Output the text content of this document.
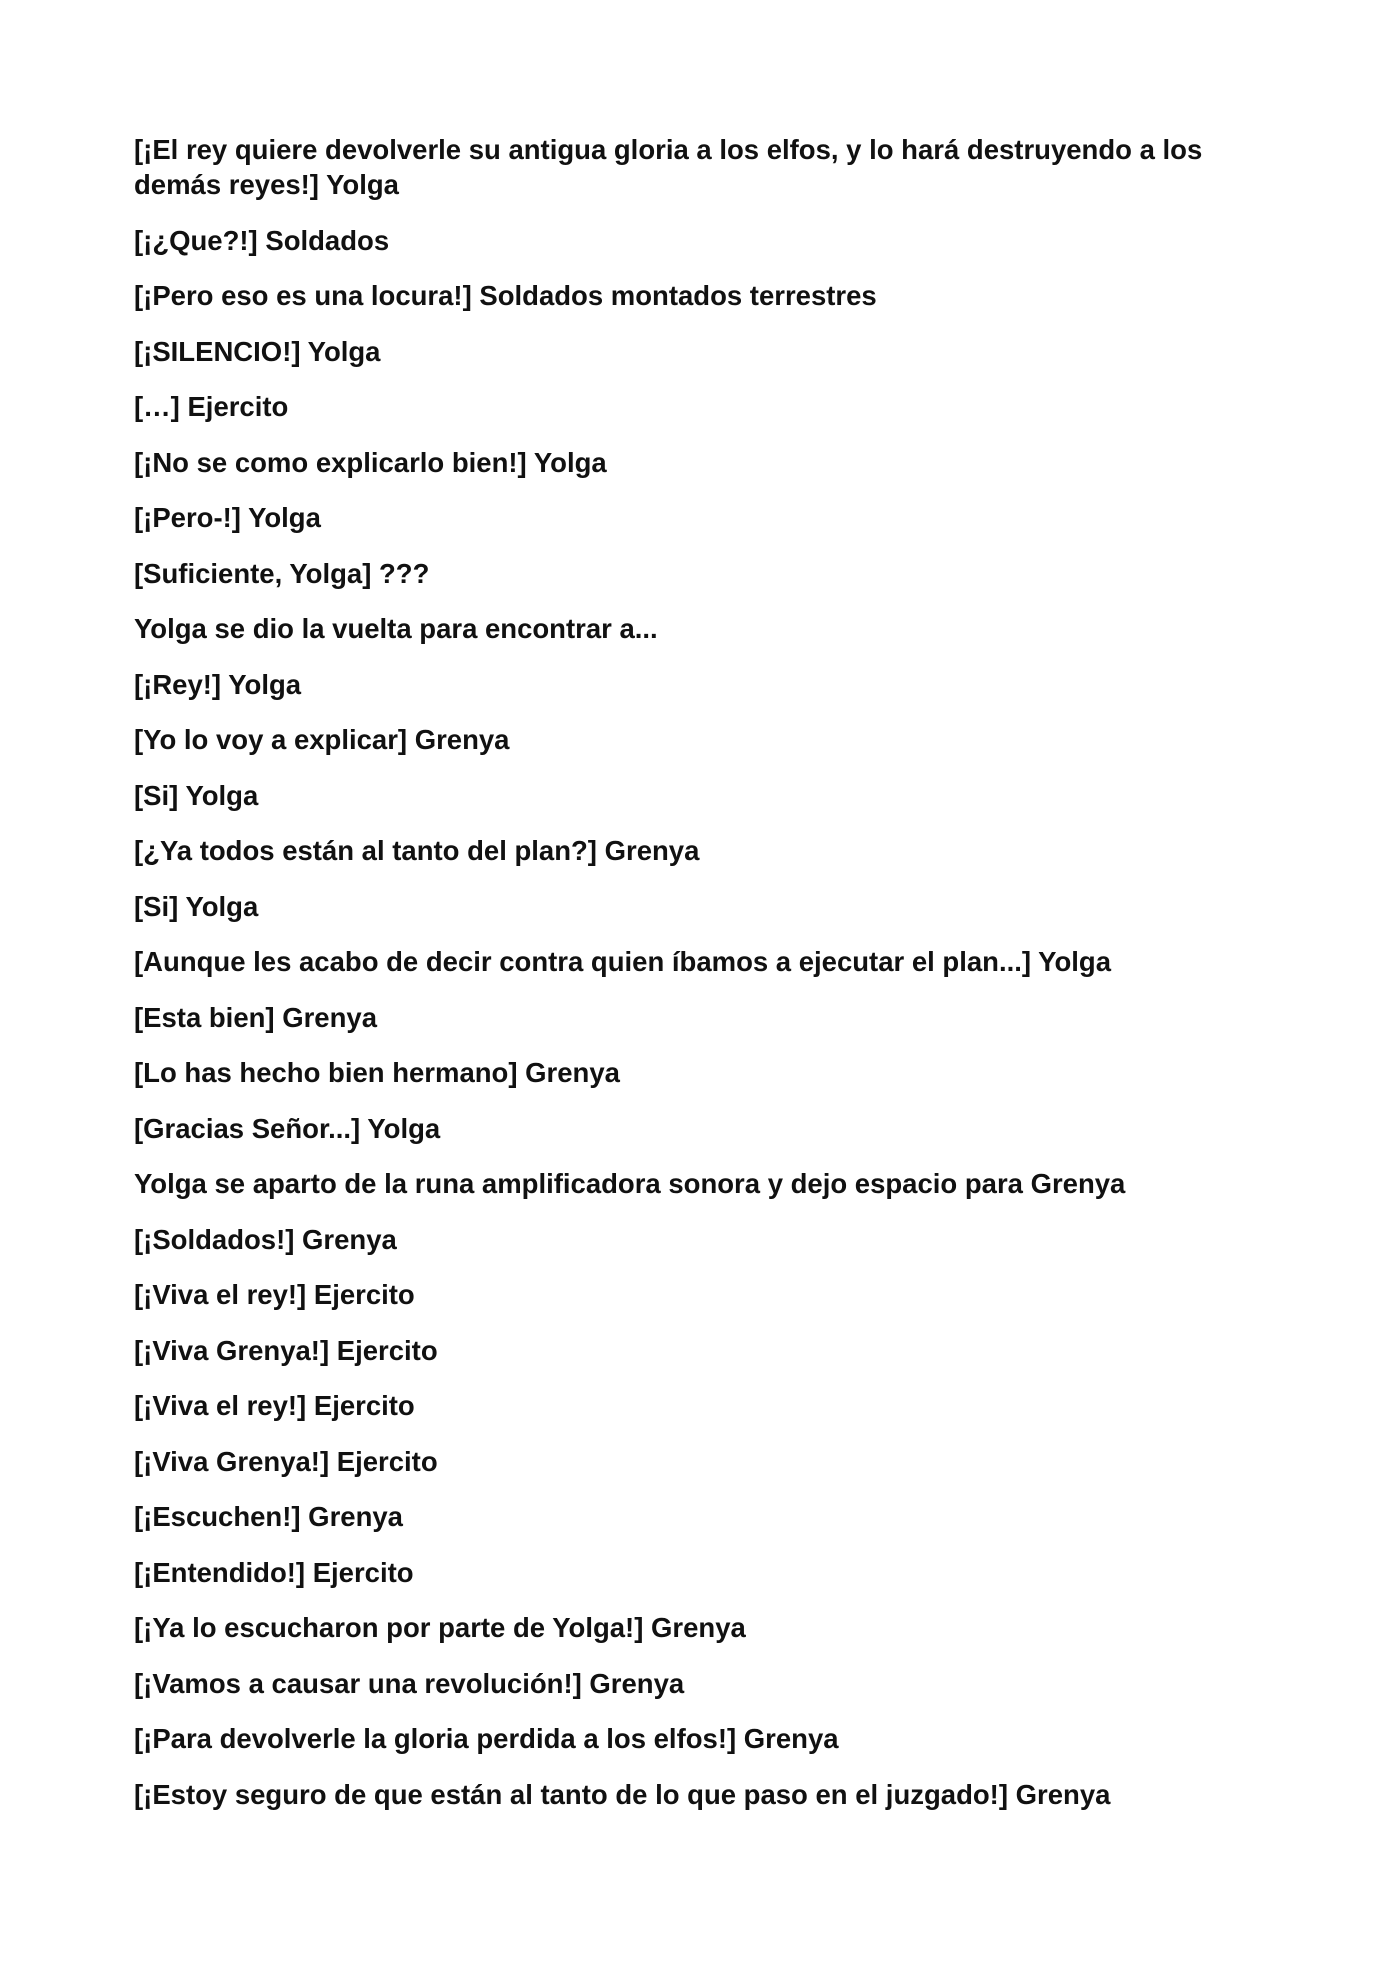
[¡El rey quiere devolverle su antigua gloria a los elfos, y lo hará destruyendo a los demás reyes!] Yolga

[¡¿Que?!] Soldados

[¡Pero eso es una locura!] Soldados montados terrestres

[¡SILENCIO!] Yolga

[…] Ejercito

[¡No se como explicarlo bien!] Yolga

[¡Pero-!] Yolga

[Suficiente, Yolga] ???

Yolga se dio la vuelta para encontrar a...

[¡Rey!] Yolga

[Yo lo voy a explicar] Grenya

[Si] Yolga

[¿Ya todos están al tanto del plan?] Grenya

[Si] Yolga

[Aunque les acabo de decir contra quien íbamos a ejecutar el plan...] Yolga

[Esta bien] Grenya

[Lo has hecho bien hermano] Grenya

[Gracias Señor...] Yolga

Yolga se aparto de la runa amplificadora sonora y dejo espacio para Grenya

[¡Soldados!] Grenya

[¡Viva el rey!] Ejercito

[¡Viva Grenya!] Ejercito

[¡Viva el rey!] Ejercito

[¡Viva Grenya!] Ejercito

[¡Escuchen!] Grenya

[¡Entendido!] Ejercito

[¡Ya lo escucharon por parte de Yolga!] Grenya

[¡Vamos a causar una revolución!] Grenya

[¡Para devolverle la gloria perdida a los elfos!] Grenya

[¡Estoy seguro de que están al tanto de lo que paso en el juzgado!] Grenya
